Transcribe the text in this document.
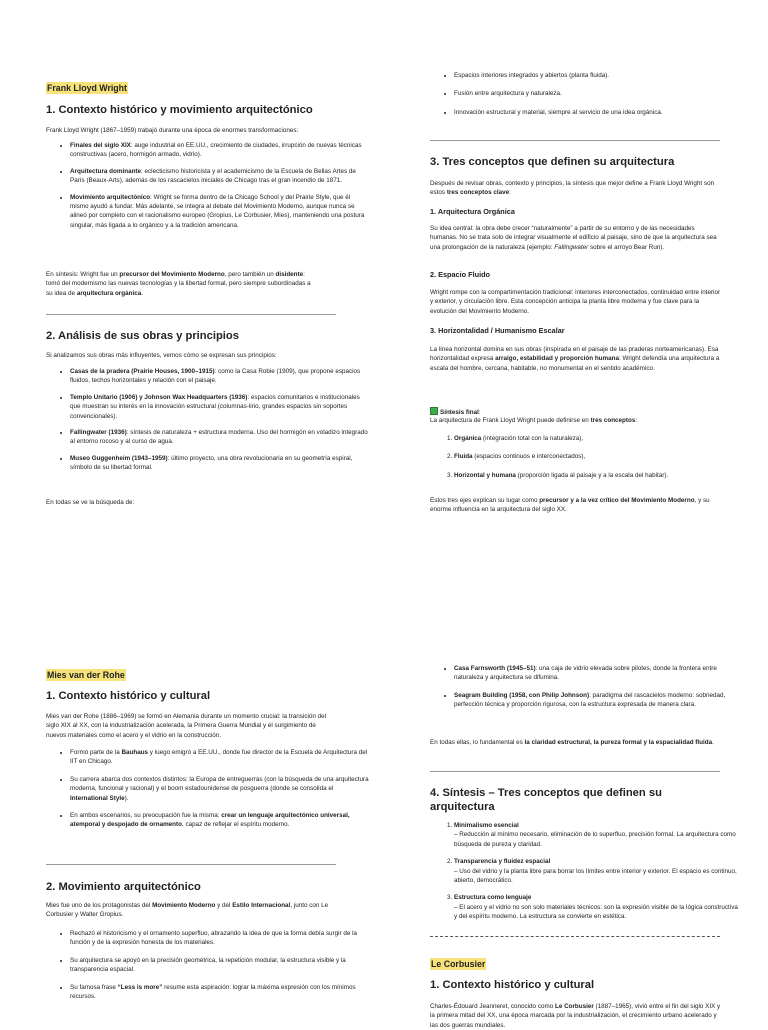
Frank Lloyd Wright
1. Contexto histórico y movimiento arquitectónico

Frank Lloyd Wright (1867–1959) trabajó durante una época de enormes transformaciones:

• Finales del siglo XIX: auge industrial en EE.UU., crecimiento de ciudades, irrupción de nuevas técnicas constructivas (acero, hormigón armado, vidrio).
• Arquitectura dominante: eclecticismo historicista y el academicismo de la Escuela de Bellas Artes de París (Beaux-Arts), además de los rascacielos iniciales de Chicago tras el gran incendio de 1871.
• Movimiento arquitectónico: Wright se forma dentro de la Chicago School y del Prairie Style, que él mismo ayudó a fundar. Más adelante, se integra al debate del Movimiento Moderno, aunque nunca se alineó por completo con el racionalismo europeo (Gropius, Le Corbusier, Mies), manteniendo una postura singular, más ligada a lo orgánico y a la tradición americana.

En síntesis: Wright fue un precursor del Movimiento Moderno, pero también un disidente: tomó del modernismo las nuevas tecnologías y la libertad formal, pero siempre subordinadas a su idea de arquitectura orgánica.

2. Análisis de sus obras y principios

Si analizamos sus obras más influyentes, vemos cómo se expresan sus principios:

• Casas de la pradera (Prairie Houses, 1900–1915): como la Casa Robie (1909), que propone espacios fluidos, techos horizontales y relación con el paisaje.
• Templo Unitario (1906) y Johnson Wax Headquarters (1936): espacios comunitarios e institucionales que muestran su interés en la innovación estructural (columnas-lirio, grandes espacios sin soportes convencionales).
• Fallingwater (1936): síntesis de naturaleza + estructura moderna. Uso del hormigón en voladizo integrado al entorno rocoso y al curso de agua.
• Museo Guggenheim (1943–1959): último proyecto, una obra revolucionaria en su geometría espiral, símbolo de su libertad formal.

En todas se ve la búsqueda de:

• Espacios interiores integrados y abiertos (planta fluida).
• Fusión entre arquitectura y naturaleza.
• Innovación estructural y material, siempre al servicio de una idea orgánica.
3. Tres conceptos que definen su arquitectura

Después de revisar obras, contexto y principios, la síntesis que mejor define a Frank Lloyd Wright son estos tres conceptos clave:

1. Arquitectura Orgánica

Su idea central: la obra debe crecer “naturalmente” a partir de su entorno y de las necesidades humanas. No se trata solo de integrar visualmente el edificio al paisaje, sino de que la arquitectura sea una prolongación de la naturaleza (ejemplo: Fallingwater sobre el arroyo Bear Run).

2. Espacio Fluido

Wright rompe con la compartimentación tradicional: interiores interconectados, continuidad entre interior y exterior, y circulación libre. Esta concepción anticipa la planta libre moderna y fue clave para la evolución del Movimiento Moderno.

3. Horizontalidad / Humanismo Escalar

La línea horizontal domina en sus obras (inspirada en el paisaje de las praderas norteamericanas). Esa horizontalidad expresa arraigo, estabilidad y proporción humana: Wright defendía una arquitectura a escala del hombre, cercana, habitable, no monumental en el sentido académico.

Síntesis final:

La arquitectura de Frank Lloyd Wright puede definirse en tres conceptos:

1. Orgánica (integración total con la naturaleza),
2. Fluida (espacios continuos e interconectados),
3. Horizontal y humana (proporción ligada al paisaje y a la escala del habitar).

Estos tres ejes explican su lugar como precursor y a la vez crítico del Movimiento Moderno, y su enorme influencia en la arquitectura del siglo XX.

Mies van der Rohe
1. Contexto histórico y cultural

Mies van der Rohe (1886–1969) se formó en Alemania durante un momento crucial: la transición del siglo XIX al XX, con la industrialización acelerada, la Primera Guerra Mundial y el surgimiento de nuevos materiales como el acero y el vidrio en la construcción.

• Formó parte de la Bauhaus y luego emigró a EE.UU., donde fue director de la Escuela de Arquitectura del IIT en Chicago.
• Su carrera abarca dos contextos distintos: la Europa de entreguerras (con la búsqueda de una arquitectura moderna, funcional y racional) y el boom estadounidense de posguerra (donde se consolida el International Style).
• En ambos escenarios, su preocupación fue la misma: crear un lenguaje arquitectónico universal, atemporal y despojado de ornamento, capaz de reflejar el espíritu moderno.
2. Movimiento arquitectónico

Mies fue uno de los protagonistas del Movimiento Moderno y del Estilo Internacional, junto con Le Corbusier y Walter Gropius.

• Rechazó el historicismo y el ornamento superfluo, abrazando la idea de que la forma debía surgir de la función y de la expresión honesta de los materiales.
• Su arquitectura se apoyó en la precisión geométrica, la repetición modular, la estructura visible y la transparencia espacial.
• Su famosa frase “Less is more” resume esta aspiración: lograr la máxima expresión con los mínimos recursos.
• Casa Farnsworth (1945–51): una caja de vidrio elevada sobre pilotes, donde la frontera entre naturaleza y arquitectura se difumina.
• Seagram Building (1958, con Philip Johnson): paradigma del rascacielos moderno: sobriedad, perfección técnica y proporción rigurosa, con la estructura expresada de manera clara.

En todas ellas, lo fundamental es la claridad estructural, la pureza formal y la espacialidad fluida.

4. Síntesis – Tres conceptos que definen su arquitectura
1. Minimalismo esencial
– Reducción al mínimo necesario, eliminación de lo superfluo, precisión formal. La arquitectura como búsqueda de pureza y claridad.
2. Transparencia y fluidez espacial
– Uso del vidrio y la planta libre para borrar los límites entre interior y exterior. El espacio es continuo, abierto, democrático.
3. Estructura como lenguaje
– El acero y el vidrio no son solo materiales técnicos: son la expresión visible de la lógica constructiva y del espíritu moderno. La estructura se convierte en estética.
Le Corbusier
1. Contexto histórico y cultural

Charles-Édouard Jeanneret, conocido como Le Corbusier (1887–1965), vivió entre el fin del siglo XIX y la primera mitad del XX, una época marcada por la industrialización, el crecimiento urbano acelerado y las dos guerras mundiales.
